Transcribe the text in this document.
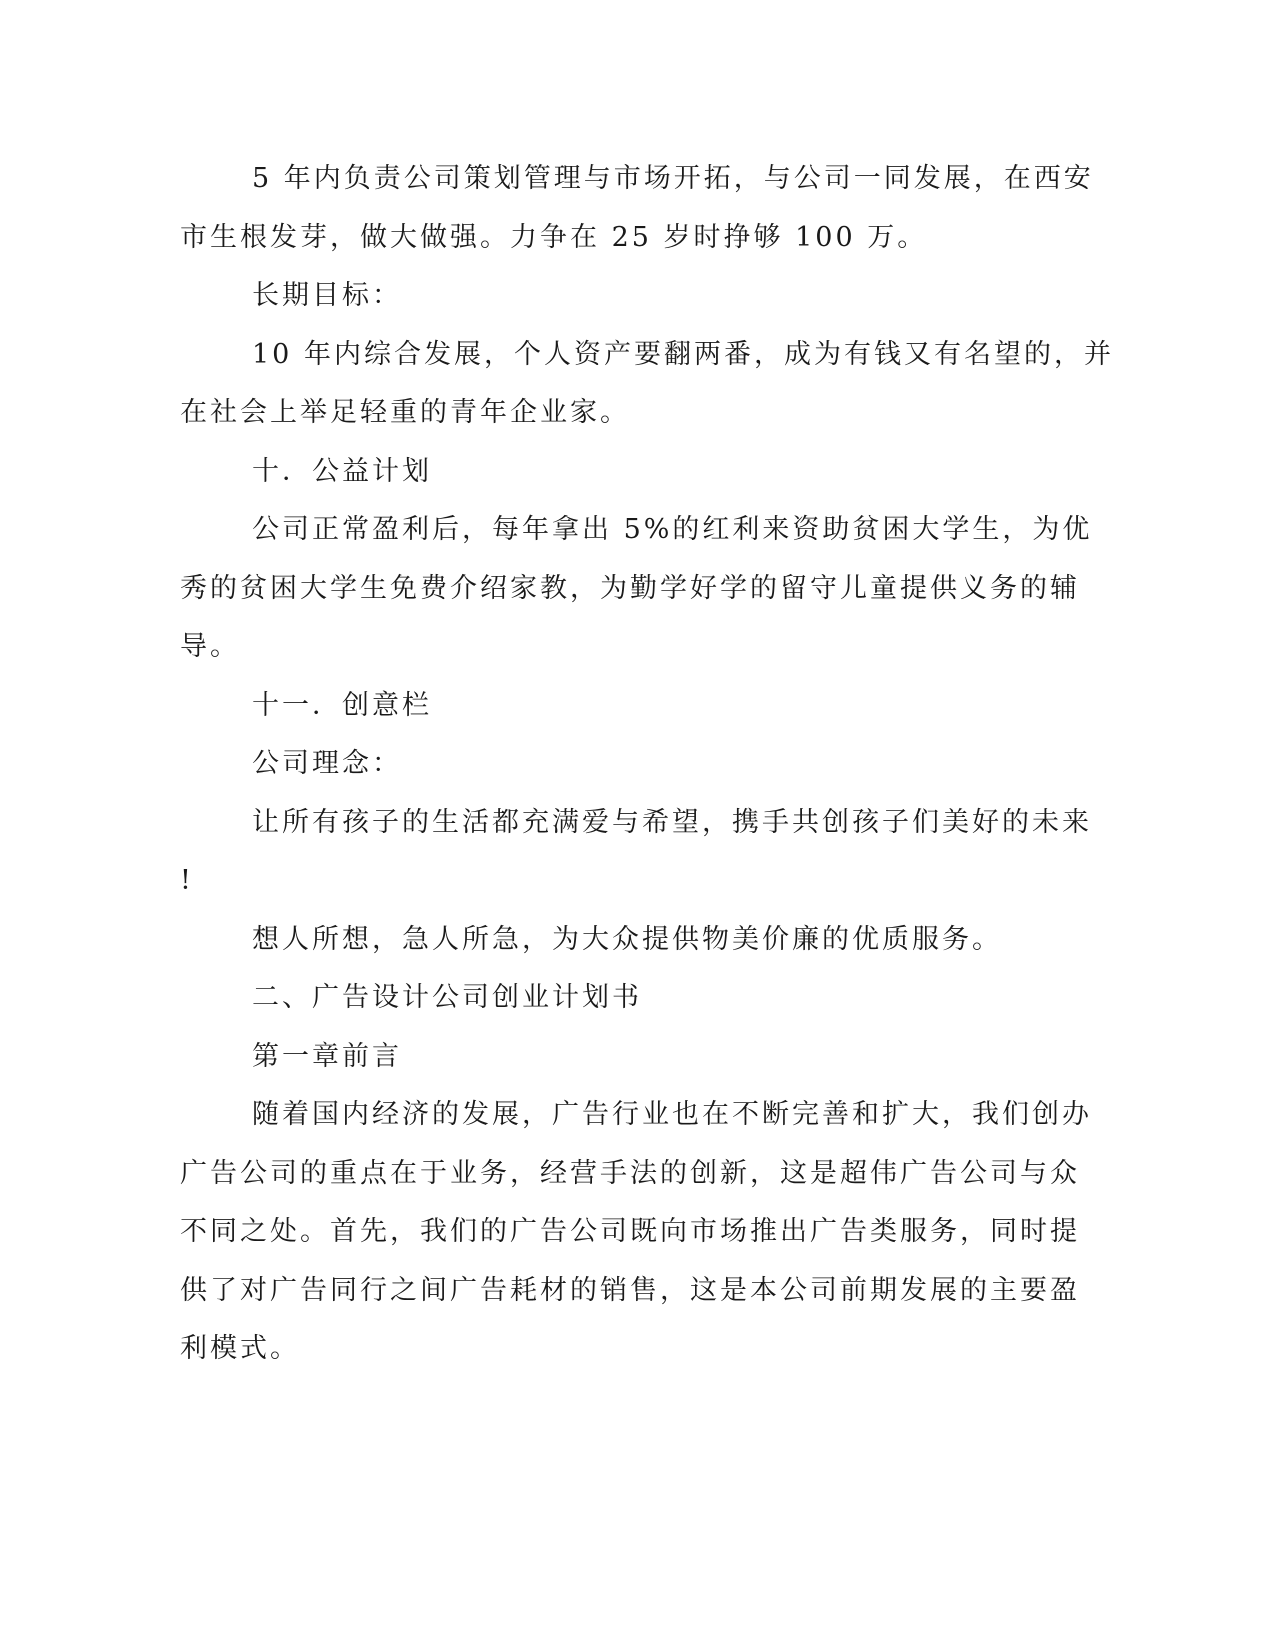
5 年内负责公司策划管理与市场开拓，与公司一同发展，在西安
市生根发芽，做大做强。力争在 25 岁时挣够 100 万。
长期目标：
10 年内综合发展，个人资产要翻两番，成为有钱又有名望的，并
在社会上举足轻重的青年企业家。
十．公益计划
公司正常盈利后，每年拿出 5%的红利来资助贫困大学生，为优
秀的贫困大学生免费介绍家教，为勤学好学的留守儿童提供义务的辅
导。
十一．创意栏
公司理念：
让所有孩子的生活都充满爱与希望，携手共创孩子们美好的未来
!
想人所想，急人所急，为大众提供物美价廉的优质服务。
二、广告设计公司创业计划书
第一章前言
随着国内经济的发展，广告行业也在不断完善和扩大，我们创办
广告公司的重点在于业务，经营手法的创新，这是超伟广告公司与众
不同之处。首先，我们的广告公司既向市场推出广告类服务，同时提
供了对广告同行之间广告耗材的销售，这是本公司前期发展的主要盈
利模式。
